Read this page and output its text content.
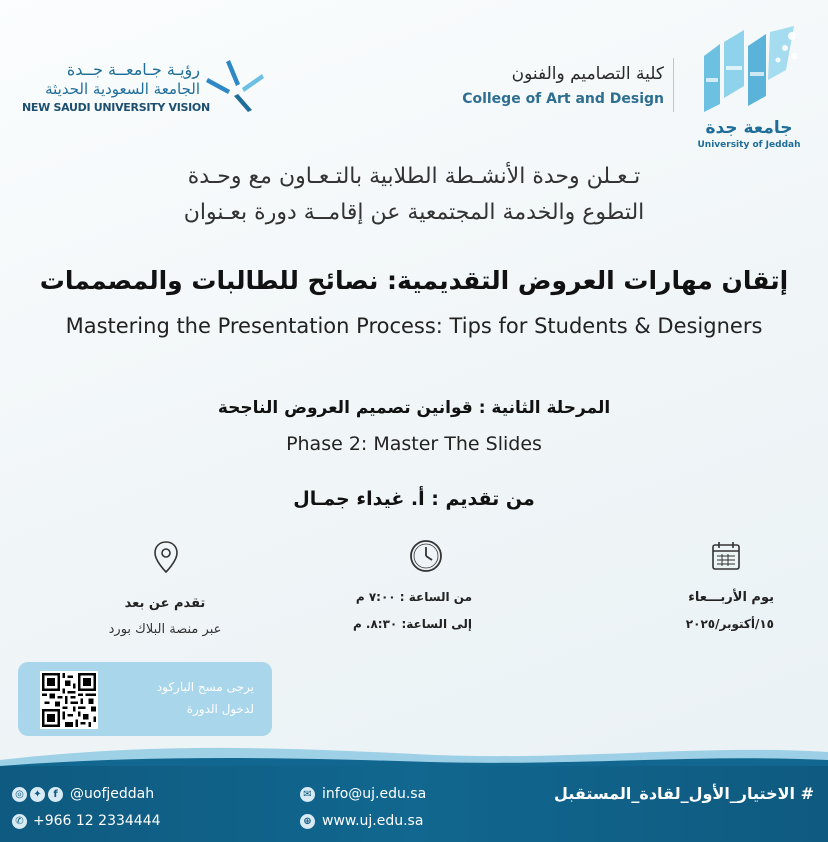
جامعة جدة
University of Jeddah
كلية التصاميم والفنون
College of Art and Design
رؤيـة جـامعــة جــدة
الجامعة السعودية الحديثة
NEW SAUDI UNIVERSITY VISION
تـعـلن وحدة الأنشـطة الطلابية بالتـعـاون مع وحـدة
التطوع والخدمة المجتمعية عن إقامــة دورة بعـنوان
إتقان مهارات العروض التقديمية: نصائح للطالبات والمصممات
Mastering the Presentation Process: Tips for Students & Designers
المرحلة الثانية : قوانين تصميم العروض الناجحة
Phase 2: Master The Slides
من تقديم : أ. غيداء جمـال
يوم الأربـــعاء
١٥/أكتوبر/٢٠٢٥
من الساعة : ٧:٠٠ م
إلى الساعة: ٨:٣٠. م
تقدم عن بعد
عبر منصة البلاك بورد
يرجى مسح الباركود
لدخول الدورة
◎ ✦	f @uofjeddah
✆ +966 12 2334444
✉ info@uj.edu.sa
⊕ www.uj.edu.sa
# الاختيار_الأول_لقادة_المستقبل
